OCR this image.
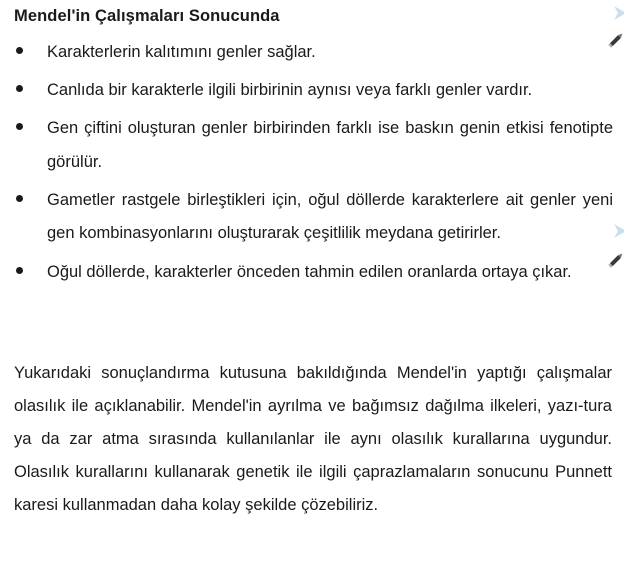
Mendel'in Çalışmaları Sonucunda
Karakterlerin kalıtımını genler sağlar.
Canlıda bir karakterle ilgili birbirinin aynısı veya farklı genler vardır.
Gen çiftini oluşturan genler birbirinden farklı ise baskın genin etkisi fenotipte görülür.
Gametler rastgele birleştikleri için, oğul döllerde karakterlere ait genler yeni gen kombinasyonlarını oluşturarak çeşitlilik meydana getirirler.
Oğul döllerde, karakterler önceden tahmin edilen oranlarda ortaya çıkar.

Yukarıdaki sonuçlandırma kutusuna bakıldığında Mendel'in yaptığı çalışmalar olasılık ile açıklanabilir. Mendel'in ayrılma ve bağımsız dağılma ilkeleri, yazı-tura ya da zar atma sırasında kullanılanlar ile aynı olasılık kurallarına uygundur. Olasılık kurallarını kullanarak genetik ile ilgili çaprazlamaların sonucunu Punnett karesi kullanmadan daha kolay şekilde çözebiliriz.
